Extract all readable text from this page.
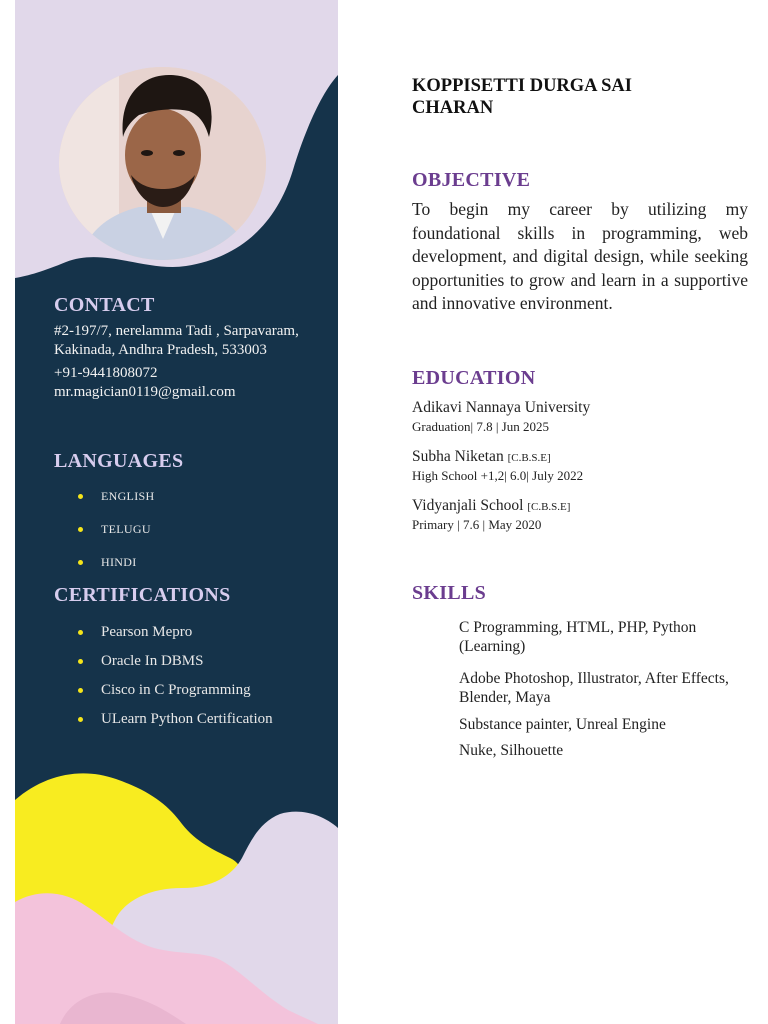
CONTACT
#2-197/7, nerelamma Tadi , Sarpavaram,
Kakinada, Andhra Pradesh, 533003
+91-9441808072
mr.magician0119@gmail.com
LANGUAGES
ENGLISH
TELUGU
HINDI
CERTIFICATIONS
Pearson Mepro
Oracle In DBMS
Cisco in C Programming
ULearn Python Certification
KOPPISETTI DURGA SAI CHARAN
OBJECTIVE

To begin my career by utilizing my foundational skills in programming, web development, and digital design, while seeking opportunities to grow and learn in a supportive and innovative environment.

EDUCATION
Adikavi Nannaya University
Graduation| 7.8 | Jun 2025
Subha Niketan [C.B.S.E]
High School +1,2| 6.0| July 2022
Vidyanjali School [C.B.S.E]
Primary | 7.6 | May 2020
SKILLS
C Programming, HTML, PHP, Python (Learning)
Adobe Photoshop, Illustrator, After Effects, Blender, Maya
Substance painter, Unreal Engine
Nuke, Silhouette
